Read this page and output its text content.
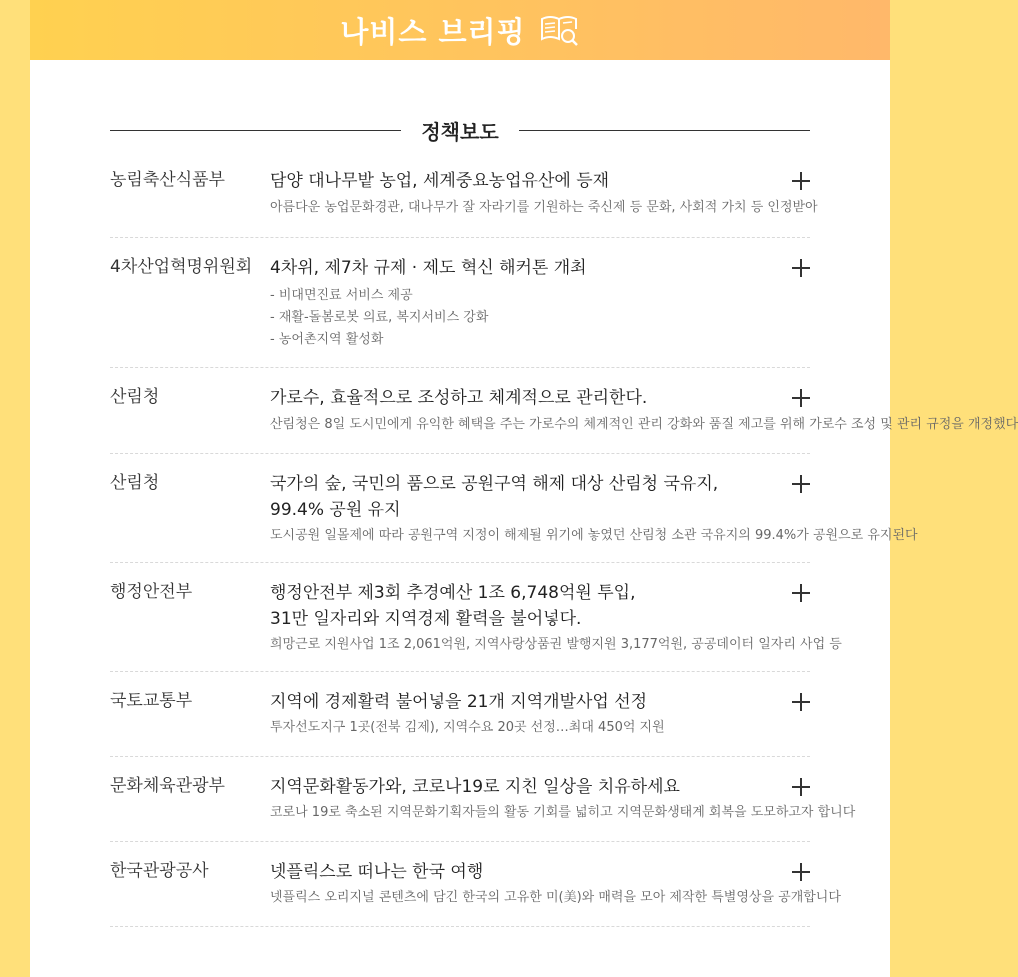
나비스 브리핑
정책보도
농림축산식품부	담양 대나무밭 농업, 세계중요농업유산에 등재
아름다운 농업문화경관, 대나무가 잘 자라기를 기원하는 죽신제 등 문화, 사회적 가치 등 인정받아
4차산업혁명위원회	4차위, 제7차 규제 · 제도 혁신 해커톤 개최
- 비대면진료 서비스 제공
- 재활-돌봄로봇 의료, 복지서비스 강화
- 농어촌지역 활성화
산림청	가로수, 효율적으로 조성하고 체계적으로 관리한다.
산림청은 8일 도시민에게 유익한 혜택을 주는 가로수의 체계적인 관리 강화와 품질 제고를 위해 가로수 조성 및 관리 규정을 개정했다
산림청	국가의 숲, 국민의 품으로 공원구역 해제 대상 산림청 국유지,
99.4% 공원 유지
도시공원 일몰제에 따라 공원구역 지정이 해제될 위기에 놓였던 산림청 소관 국유지의 99.4%가 공원으로 유지된다
행정안전부	행정안전부 제3회 추경예산 1조 6,748억원 투입,
31만 일자리와 지역경제 활력을 불어넣다.
희망근로 지원사업 1조 2,061억원, 지역사랑상품권 발행지원 3,177억원, 공공데이터 일자리 사업 등
국토교통부	지역에 경제활력 불어넣을 21개 지역개발사업 선정
투자선도지구 1곳(전북 김제), 지역수요 20곳 선정…최대 450억 지원
문화체육관광부	지역문화활동가와, 코로나19로 지친 일상을 치유하세요
코로나 19로 축소된 지역문화기획자들의 활동 기회를 넓히고 지역문화생태계 회복을 도모하고자 합니다
한국관광공사	넷플릭스로 떠나는 한국 여행
넷플릭스 오리지널 콘텐츠에 담긴 한국의 고유한 미(美)와 매력을 모아 제작한 특별영상을 공개합니다
